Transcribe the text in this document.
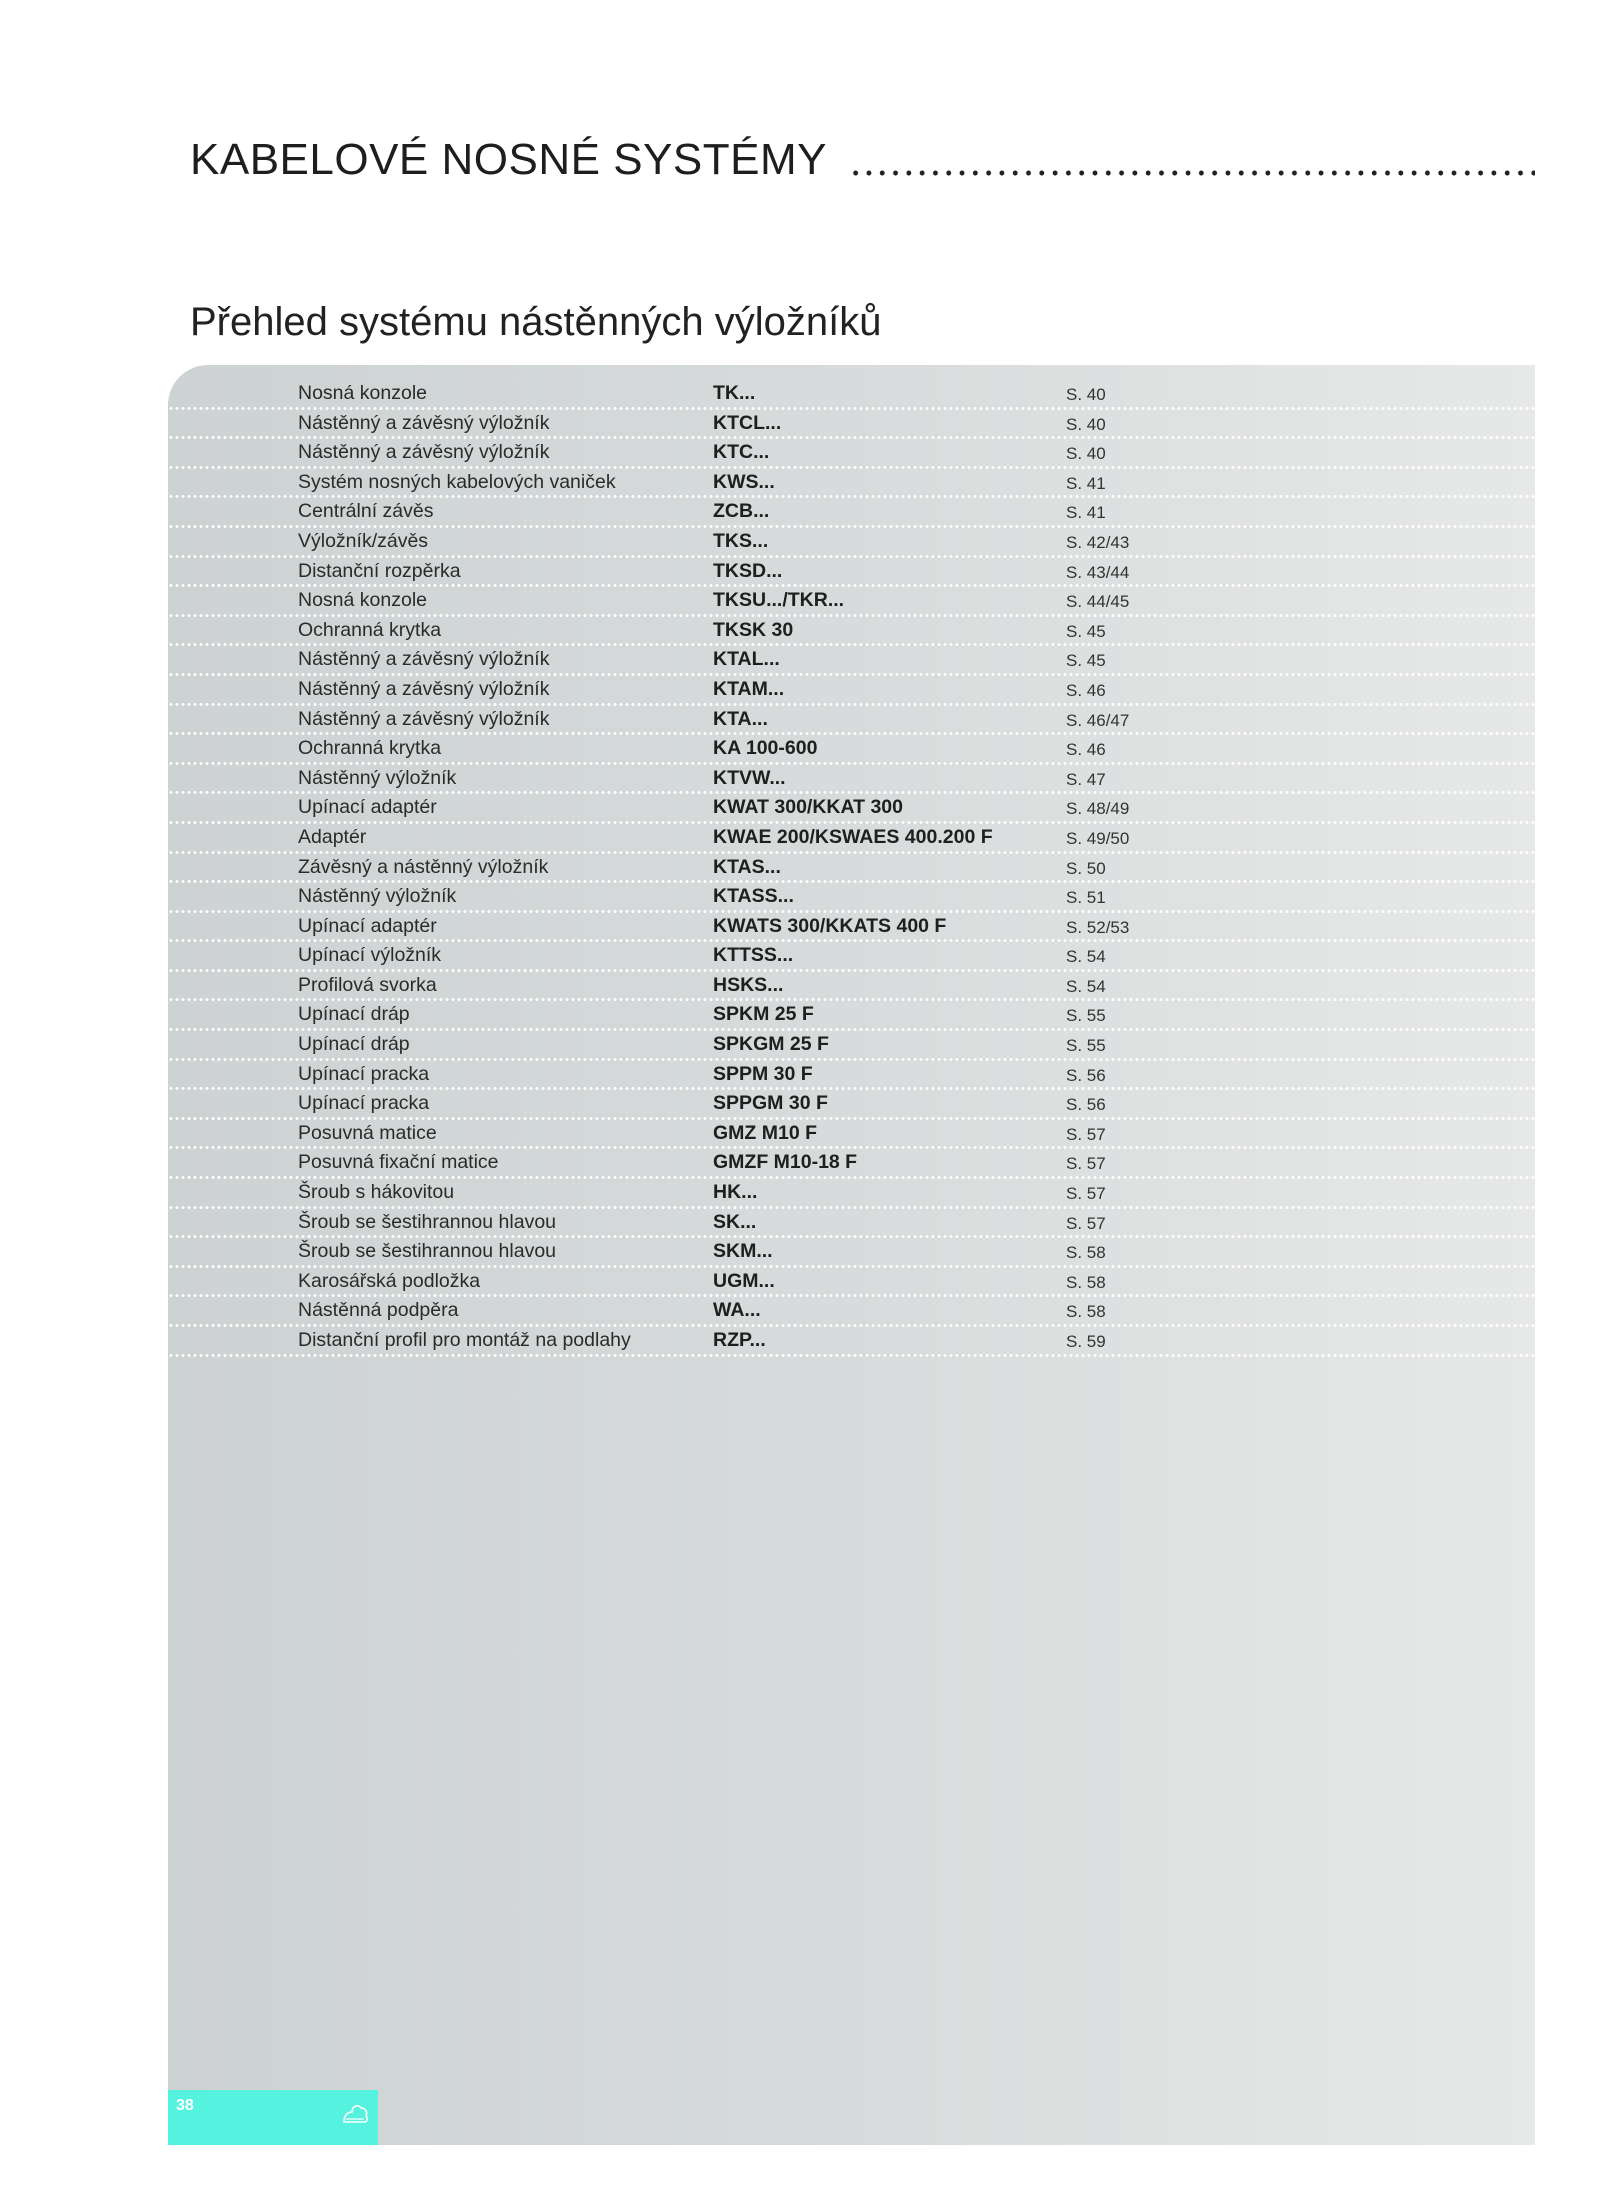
KABELOVÉ NOSNÉ SYSTÉMY
Přehled systému nástěnných výložníků
Nosná konzole	TK...	S. 40
Nástěnný a závěsný výložník	KTCL...	S. 40
Nástěnný a závěsný výložník	KTC...	S. 40
Systém nosných kabelových vaniček	KWS...	S. 41
Centrální závěs	ZCB...	S. 41
Výložník/závěs	TKS...	S. 42/43
Distanční rozpěrka	TKSD...	S. 43/44
Nosná konzole	TKSU.../TKR...	S. 44/45
Ochranná krytka	TKSK 30	S. 45
Nástěnný a závěsný výložník	KTAL...	S. 45
Nástěnný a závěsný výložník	KTAM...	S. 46
Nástěnný a závěsný výložník	KTA...	S. 46/47
Ochranná krytka	KA 100-600	S. 46
Nástěnný výložník	KTVW...	S. 47
Upínací adaptér	KWAT 300/KKAT 300	S. 48/49
Adaptér	KWAE 200/KSWAES 400.200 F	S. 49/50
Závěsný a nástěnný výložník	KTAS...	S. 50
Nástěnný výložník	KTASS...	S. 51
Upínací adaptér	KWATS 300/KKATS 400 F	S. 52/53
Upínací výložník	KTTSS...	S. 54
Profilová svorka	HSKS...	S. 54
Upínací dráp	SPKM 25 F	S. 55
Upínací dráp	SPKGM 25 F	S. 55
Upínací pracka	SPPM 30 F	S. 56
Upínací pracka	SPPGM 30 F	S. 56
Posuvná matice	GMZ M10 F	S. 57
Posuvná fixační matice	GMZF M10-18 F	S. 57
Šroub s hákovitou	HK...	S. 57
Šroub se šestihrannou hlavou	SK...	S. 57
Šroub se šestihrannou hlavou	SKM...	S. 58
Karosářská podložka	UGM...	S. 58
Nástěnná podpěra	WA...	S. 58
Distanční profil pro montáž na podlahy	RZP...	S. 59
38
